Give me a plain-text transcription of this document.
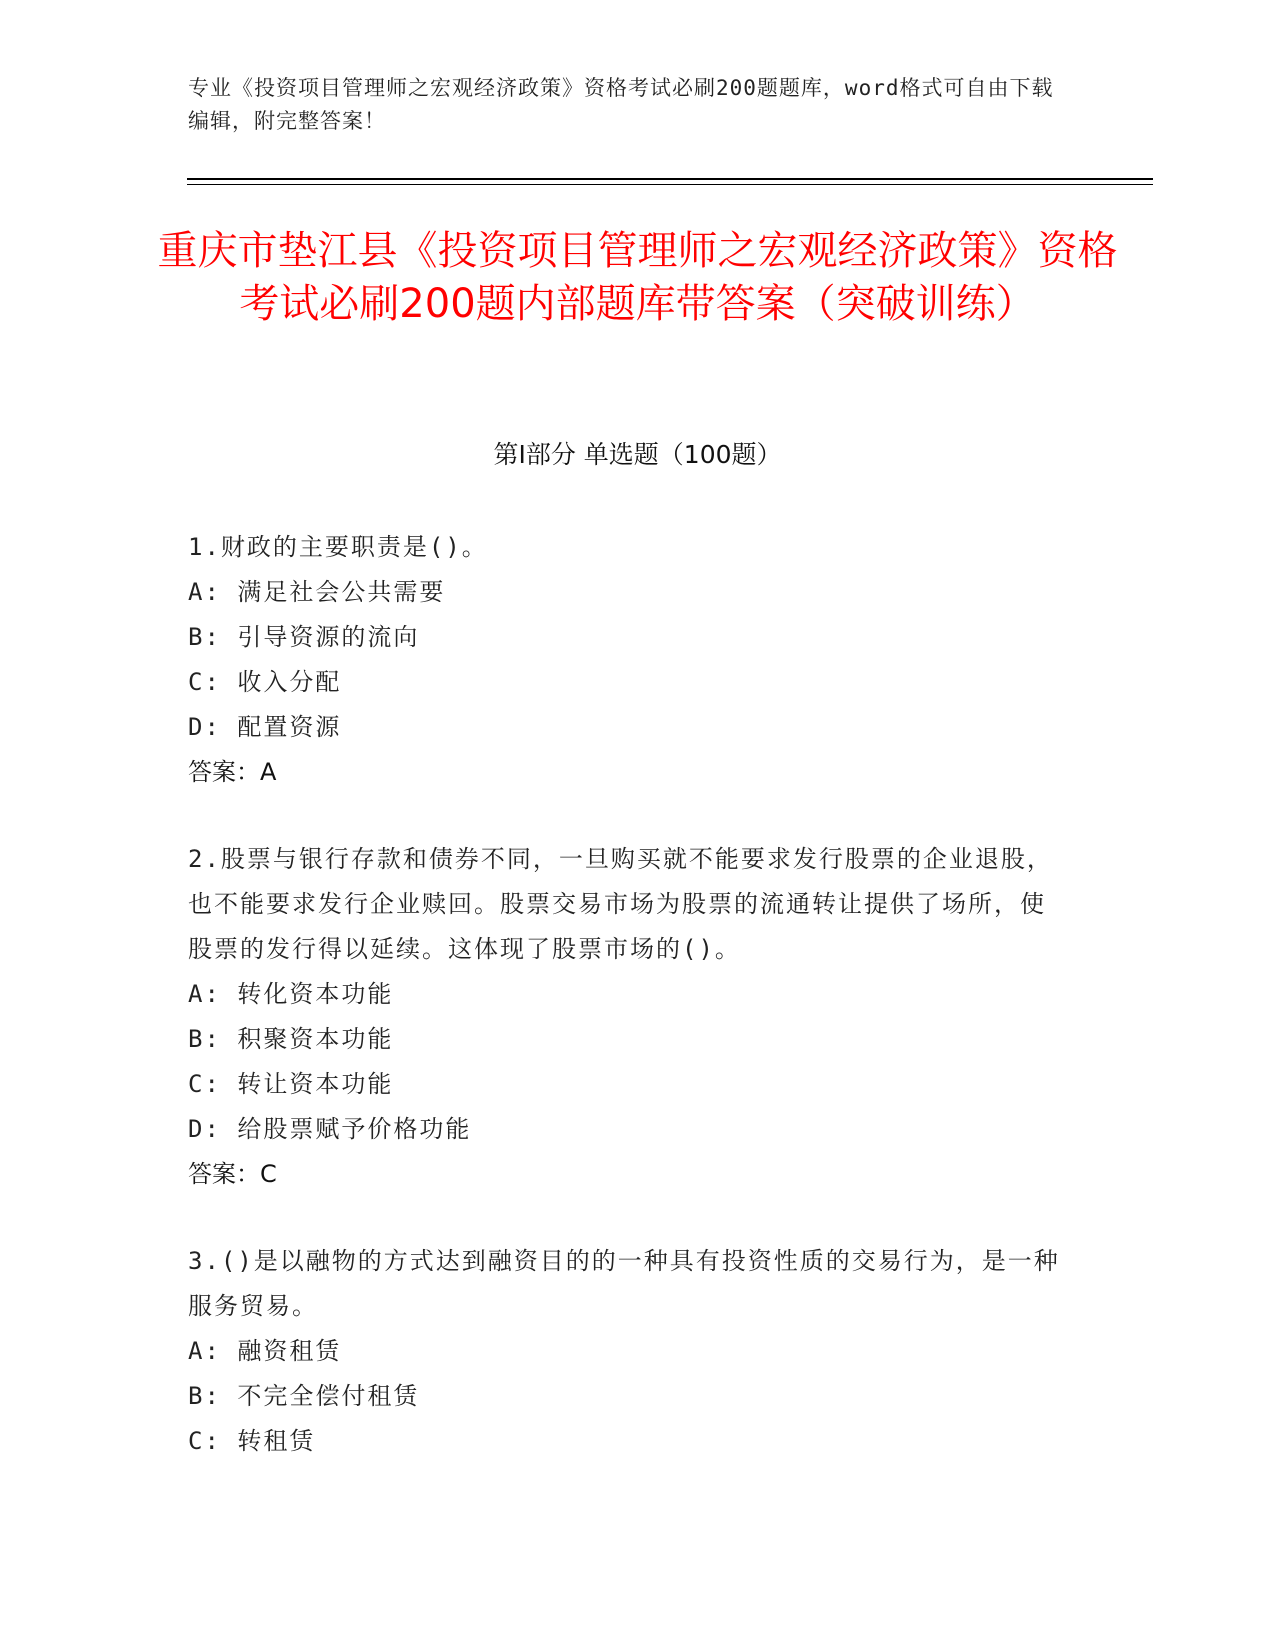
专业《投资项目管理师之宏观经济政策》资格考试必刷200题题库，word格式可自由下载编辑，附完整答案！
重庆市垫江县《投资项目管理师之宏观经济政策》资格考试必刷200题内部题库带答案（突破训练）
第I部分 单选题（100题）
1.财政的主要职责是()。
A: 满足社会公共需要
B: 引导资源的流向
C: 收入分配
D: 配置资源
答案：A
2.股票与银行存款和债券不同，一旦购买就不能要求发行股票的企业退股，也不能要求发行企业赎回。股票交易市场为股票的流通转让提供了场所，使股票的发行得以延续。这体现了股票市场的()。
A: 转化资本功能
B: 积聚资本功能
C: 转让资本功能
D: 给股票赋予价格功能
答案：C
3.()是以融物的方式达到融资目的的一种具有投资性质的交易行为，是一种服务贸易。
A: 融资租赁
B: 不完全偿付租赁
C: 转租赁
